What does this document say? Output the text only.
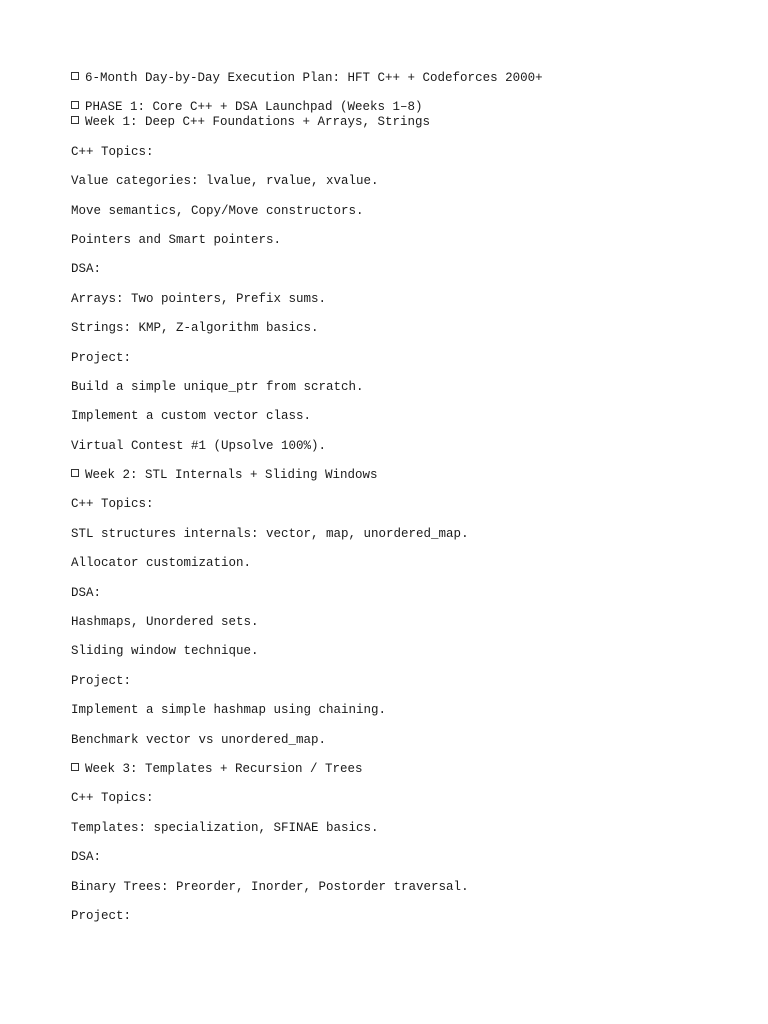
6-Month Day-by-Day Execution Plan: HFT C++ + Codeforces 2000+
PHASE 1: Core C++ + DSA Launchpad (Weeks 1–8)
Week 1: Deep C++ Foundations + Arrays, Strings
C++ Topics:
Value categories: lvalue, rvalue, xvalue.
Move semantics, Copy/Move constructors.
Pointers and Smart pointers.
DSA:
Arrays: Two pointers, Prefix sums.
Strings: KMP, Z-algorithm basics.
Project:
Build a simple unique_ptr from scratch.
Implement a custom vector class.
Virtual Contest #1 (Upsolve 100%).
Week 2: STL Internals + Sliding Windows
C++ Topics:
STL structures internals: vector, map, unordered_map.
Allocator customization.
DSA:
Hashmaps, Unordered sets.
Sliding window technique.
Project:
Implement a simple hashmap using chaining.
Benchmark vector vs unordered_map.
Week 3: Templates + Recursion / Trees
C++ Topics:
Templates: specialization, SFINAE basics.
DSA:
Binary Trees: Preorder, Inorder, Postorder traversal.
Project:
